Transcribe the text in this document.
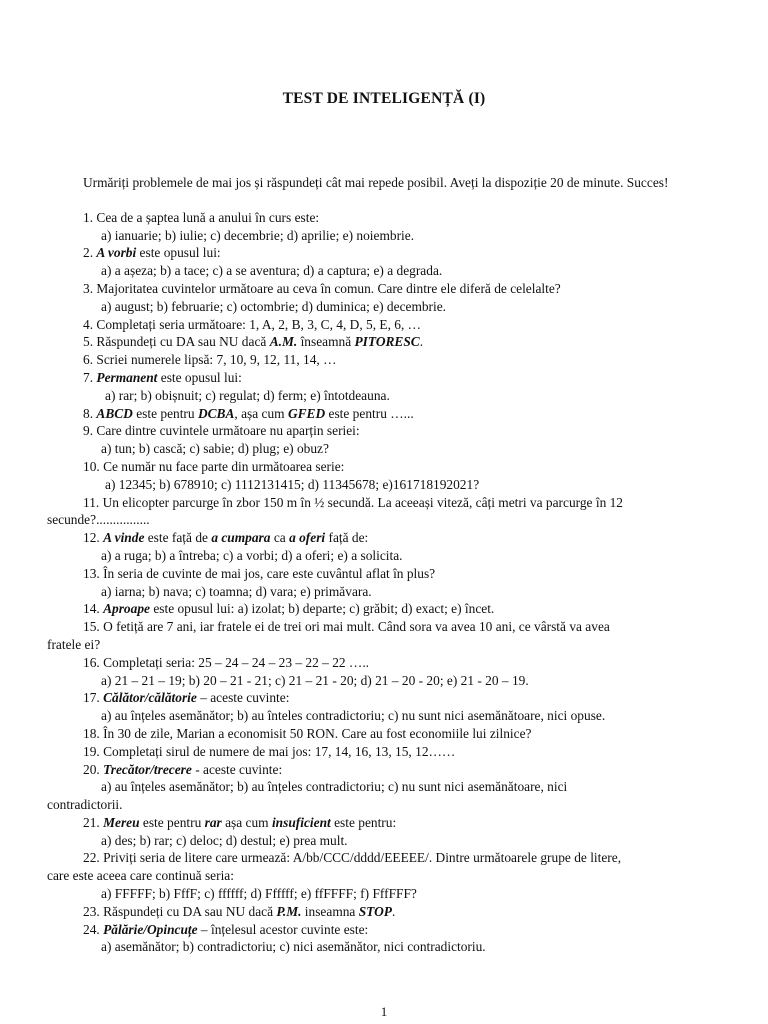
TEST DE INTELIGENȚĂ (I)

Urmăriți problemele de mai jos și răspundeți cât mai repede posibil. Aveți la dispoziție 20 de minute. Succes!

1. Cea de a șaptea lună a anului în curs este:
a) ianuarie; b) iulie; c) decembrie; d) aprilie; e) noiembrie.
2. A vorbi este opusul lui:
a) a așeza; b) a tace; c) a se aventura; d) a captura; e) a degrada.
3. Majoritatea cuvintelor următoare au ceva în comun. Care dintre ele diferă de celelalte?
a) august; b) februarie; c) octombrie; d) duminica; e) decembrie.
4. Completați seria următoare: 1, A, 2, B, 3, C, 4, D, 5, E, 6, …
5. Răspundeți cu DA sau NU dacă A.M. înseamnă PITORESC.
6. Scriei numerele lipsă: 7, 10, 9, 12, 11, 14, …
7. Permanent este opusul lui:
a) rar; b) obișnuit; c) regulat; d) ferm; e) întotdeauna.
8. ABCD este pentru DCBA, așa cum GFED este pentru …...
9. Care dintre cuvintele următoare nu aparțin seriei:
a) tun; b) cască; c) sabie; d) plug; e) obuz?
10. Ce număr nu face parte din următoarea serie:
a) 12345; b) 678910; c) 1112131415; d) 11345678; e)161718192021?
11. Un elicopter parcurge în zbor 150 m în ½ secundă. La aceeași viteză, câți metri va parcurge în 12
secunde?................
12. A vinde este față de a cumpara ca a oferi față de:
a) a ruga; b) a întreba; c) a vorbi; d) a oferi; e) a solicita.
13. În seria de cuvinte de mai jos, care este cuvântul aflat în plus?
a) iarna; b) nava; c) toamna; d) vara; e) primăvara.
14. Aproape este opusul lui: a) izolat; b) departe; c) grăbit; d) exact; e) încet.
15. O fetiță are 7 ani, iar fratele ei de trei ori mai mult. Când sora va avea 10 ani, ce vârstă va avea
fratele ei?
16. Completați seria: 25 – 24 – 24 – 23 – 22 – 22 …..
a) 21 – 21 – 19; b) 20 – 21 - 21; c) 21 – 21 - 20; d) 21 – 20 - 20; e) 21 - 20 – 19.
17. Călător/călătorie – aceste cuvinte:
a) au înțeles asemănător; b) au înteles contradictoriu; c) nu sunt nici asemănătoare, nici opuse.
18. În 30 de zile, Marian a economisit 50 RON. Care au fost economiile lui zilnice?
19. Completați sirul de numere de mai jos: 17, 14, 16, 13, 15, 12……
20. Trecător/trecere - aceste cuvinte:
a) au înțeles asemănător; b) au înțeles contradictoriu; c) nu sunt nici asemănătoare, nici
contradictorii.
21. Mereu este pentru rar așa cum insuficient este pentru:
a) des; b) rar; c) deloc; d) destul; e) prea mult.
22. Priviți seria de litere care urmează: A/bb/CCC/dddd/EEEEE/. Dintre următoarele grupe de litere,
care este aceea care continuă seria:
a) FFFFF; b) FffF; c) ffffff; d) Ffffff; e) ffFFFF; f) FffFFF?
23. Răspundeți cu DA sau NU dacă P.M. inseamna STOP.
24. Pălărie/Opincuțe – înțelesul acestor cuvinte este:
a) asemănător; b) contradictoriu; c) nici asemănător, nici contradictoriu.
1
